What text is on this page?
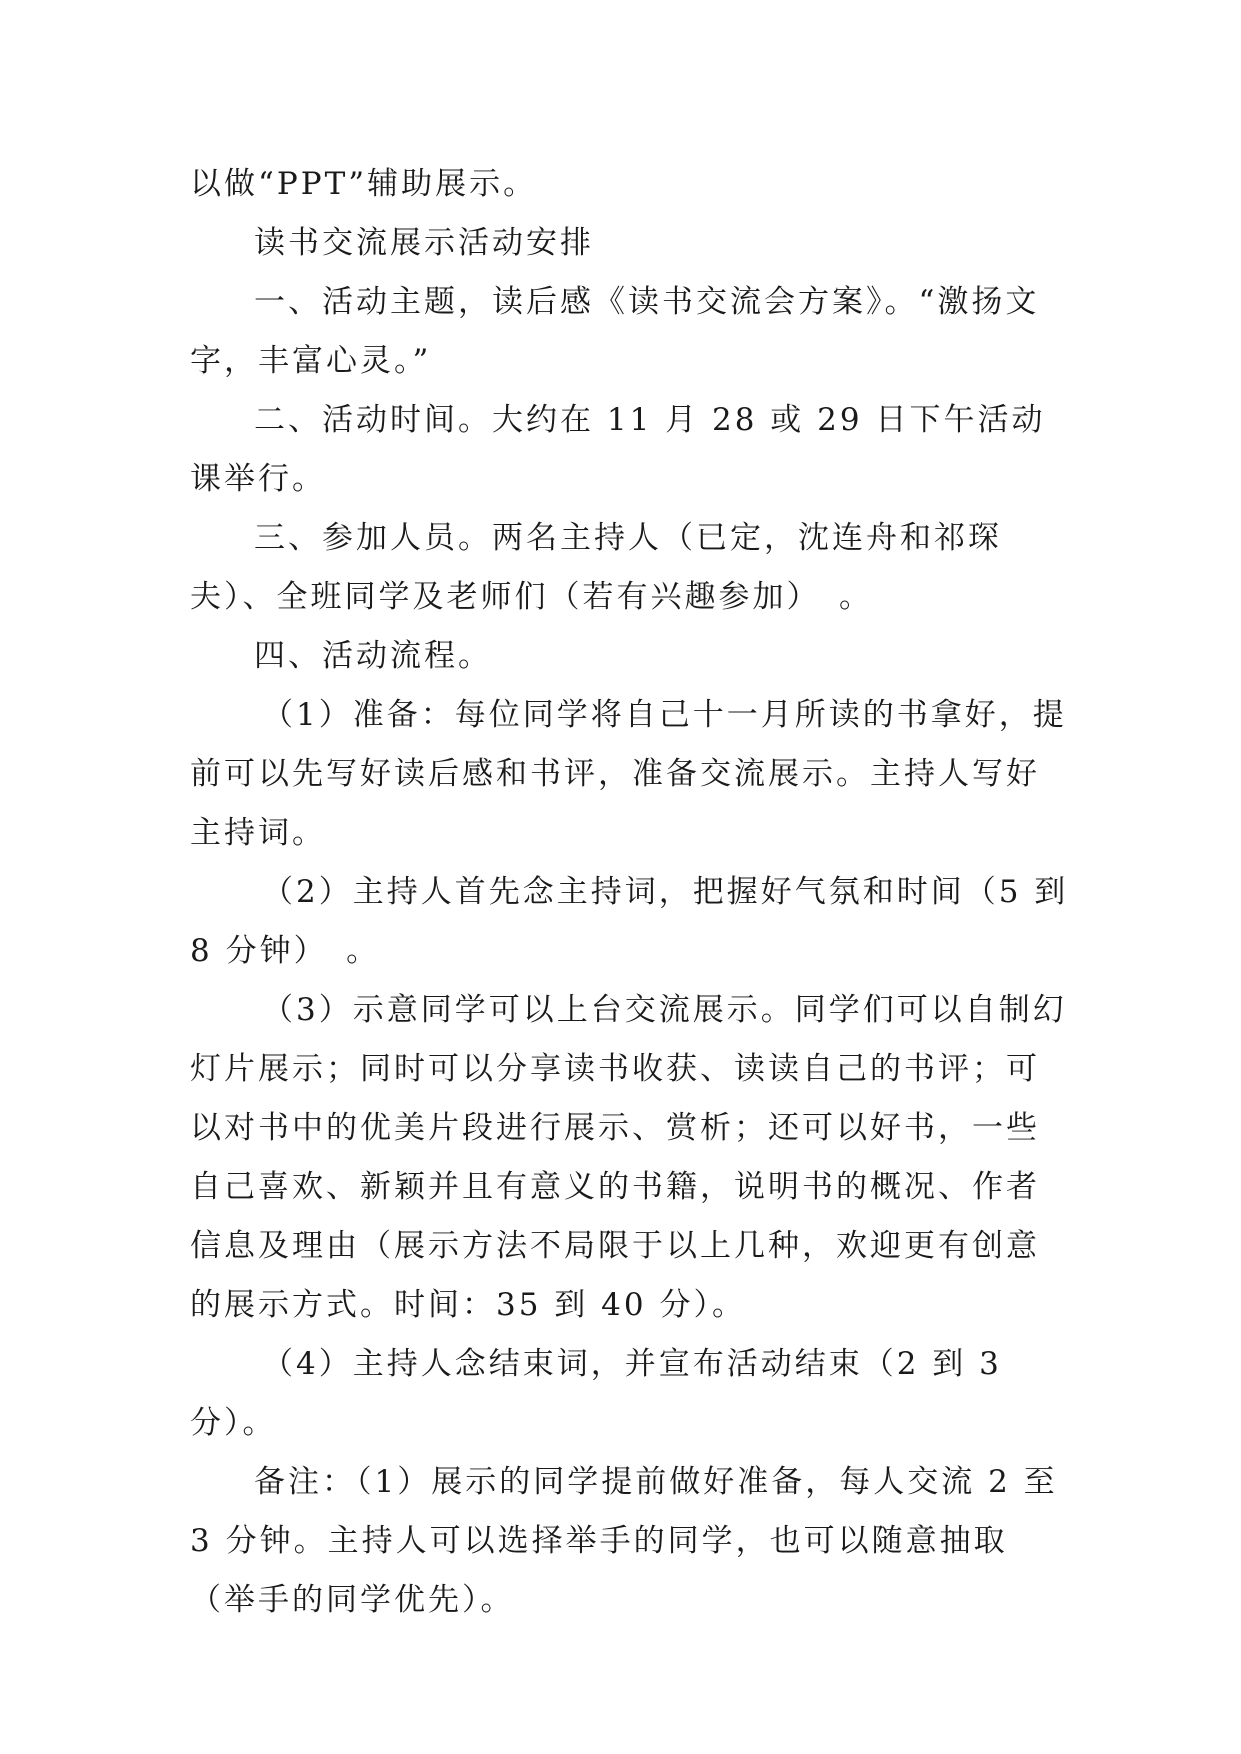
以做“PPT”辅助展示。

读书交流展示活动安排

一、活动主题，读后感《读书交流会方案》。“激扬文字，丰富心灵。”

二、活动时间。大约在 11 月 28 或 29 日下午活动课举行。

三、参加人员。两名主持人（已定，沈连舟和祁琛夫）、全班同学及老师们（若有兴趣参加）　。

四、活动流程。

（1）准备：每位同学将自己十一月所读的书拿好，提前可以先写好读后感和书评，准备交流展示。主持人写好主持词。

（2）主持人首先念主持词，把握好气氛和时间（5 到 8 分钟）　。

（3）示意同学可以上台交流展示。同学们可以自制幻灯片展示；同时可以分享读书收获、读读自己的书评；可以对书中的优美片段进行展示、赏析；还可以好书，一些自己喜欢、新颖并且有意义的书籍，说明书的概况、作者信息及理由（展示方法不局限于以上几种，欢迎更有创意的展示方式。时间：35 到 40 分）。

（4）主持人念结束词，并宣布活动结束（2 到 3 分）。

备注：（1）展示的同学提前做好准备，每人交流 2 至 3 分钟。主持人可以选择举手的同学，也可以随意抽取（举手的同学优先）。
